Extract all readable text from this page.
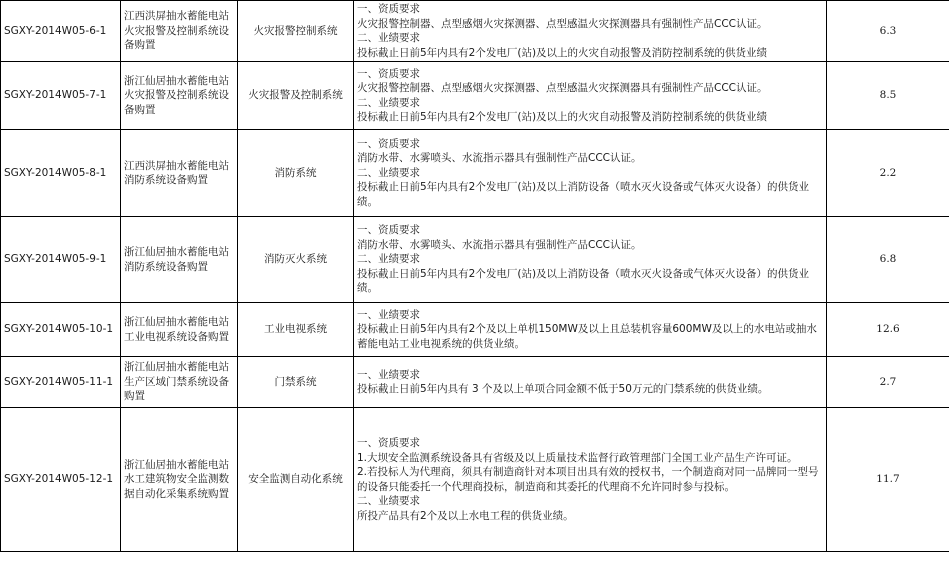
SGXY-2014W05-6-1	江西洪屏抽水蓄能电站火灾报警及控制系统设备购置	火灾报警控制系统	一、资质要求
火灾报警控制器、点型感烟火灾探测器、点型感温火灾探测器具有强制性产品CCC认证。
二、业绩要求
投标截止日前5年内具有2个发电厂(站)及以上的火灾自动报警及消防控制系统的供货业绩	6.3
SGXY-2014W05-7-1	浙江仙居抽水蓄能电站火灾报警及控制系统设备购置	火灾报警及控制系统	一、资质要求
火灾报警控制器、点型感烟火灾探测器、点型感温火灾探测器具有强制性产品CCC认证。
二、业绩要求
投标截止日前5年内具有2个发电厂(站)及以上的火灾自动报警及消防控制系统的供货业绩	8.5
SGXY-2014W05-8-1	江西洪屏抽水蓄能电站消防系统设备购置	消防系统	一、资质要求
消防水带、水雾喷头、水流指示器具有强制性产品CCC认证。
二、业绩要求
投标截止日前5年内具有2个发电厂(站)及以上消防设备（喷水灭火设备或气体灭火设备）的供货业绩。	2.2
SGXY-2014W05-9-1	浙江仙居抽水蓄能电站消防系统设备购置	消防灭火系统	一、资质要求
消防水带、水雾喷头、水流指示器具有强制性产品CCC认证。
二、业绩要求
投标截止日前5年内具有2个发电厂(站)及以上消防设备（喷水灭火设备或气体灭火设备）的供货业绩。	6.8
SGXY-2014W05-10-1	浙江仙居抽水蓄能电站工业电视系统设备购置	工业电视系统	一、业绩要求
投标截止日前5年内具有2个及以上单机150MW及以上且总装机容量600MW及以上的水电站或抽水蓄能电站工业电视系统的供货业绩。	12.6
SGXY-2014W05-11-1	浙江仙居抽水蓄能电站生产区域门禁系统设备购置	门禁系统	一、业绩要求
投标截止日前5年内具有 3 个及以上单项合同金额不低于50万元的门禁系统的供货业绩。	2.7
SGXY-2014W05-12-1	浙江仙居抽水蓄能电站水工建筑物安全监测数据自动化采集系统购置	安全监测自动化系统	一、资质要求
1.大坝安全监测系统设备具有省级及以上质量技术监督行政管理部门全国工业产品生产许可证。
2.若投标人为代理商，须具有制造商针对本项目出具有效的授权书，一个制造商对同一品牌同一型号的设备只能委托一个代理商投标，制造商和其委托的代理商不允许同时参与投标。
二、业绩要求
所投产品具有2个及以上水电工程的供货业绩。	11.7
